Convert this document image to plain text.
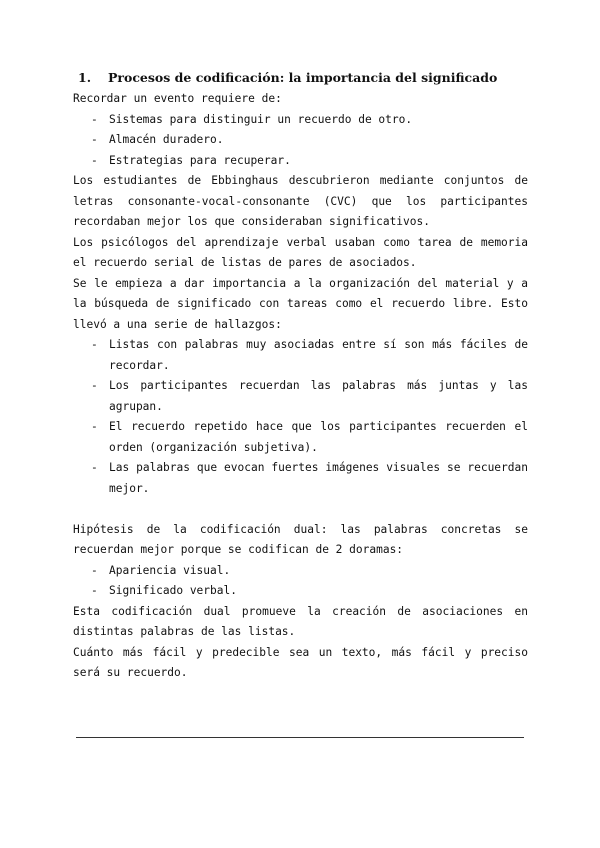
1. Procesos de codificación: la importancia del significado

Recordar un evento requiere de:

- Sistemas para distinguir un recuerdo de otro.
- Almacén duradero.
- Estrategias para recuperar.

Los estudiantes de Ebbinghaus descubrieron mediante conjuntos de letras consonante-vocal-consonante (CVC) que los participantes recordaban mejor los que consideraban significativos.

Los psicólogos del aprendizaje verbal usaban como tarea de memoria el recuerdo serial de listas de pares de asociados.

Se le empieza a dar importancia a la organización del material y a la búsqueda de significado con tareas como el recuerdo libre. Esto llevó a una serie de hallazgos:

- Listas con palabras muy asociadas entre sí son más fáciles de recordar.
- Los participantes recuerdan las palabras más juntas y las agrupan.
- El recuerdo repetido hace que los participantes recuerden el orden (organización subjetiva).
- Las palabras que evocan fuertes imágenes visuales se recuerdan mejor.

Hipótesis de la codificación dual: las palabras concretas se recuerdan mejor porque se codifican de 2 doramas:

- Apariencia visual.
- Significado verbal.

Esta codificación dual promueve la creación de asociaciones en distintas palabras de las listas.

Cuánto más fácil y predecible sea un texto, más fácil y preciso será su recuerdo.
